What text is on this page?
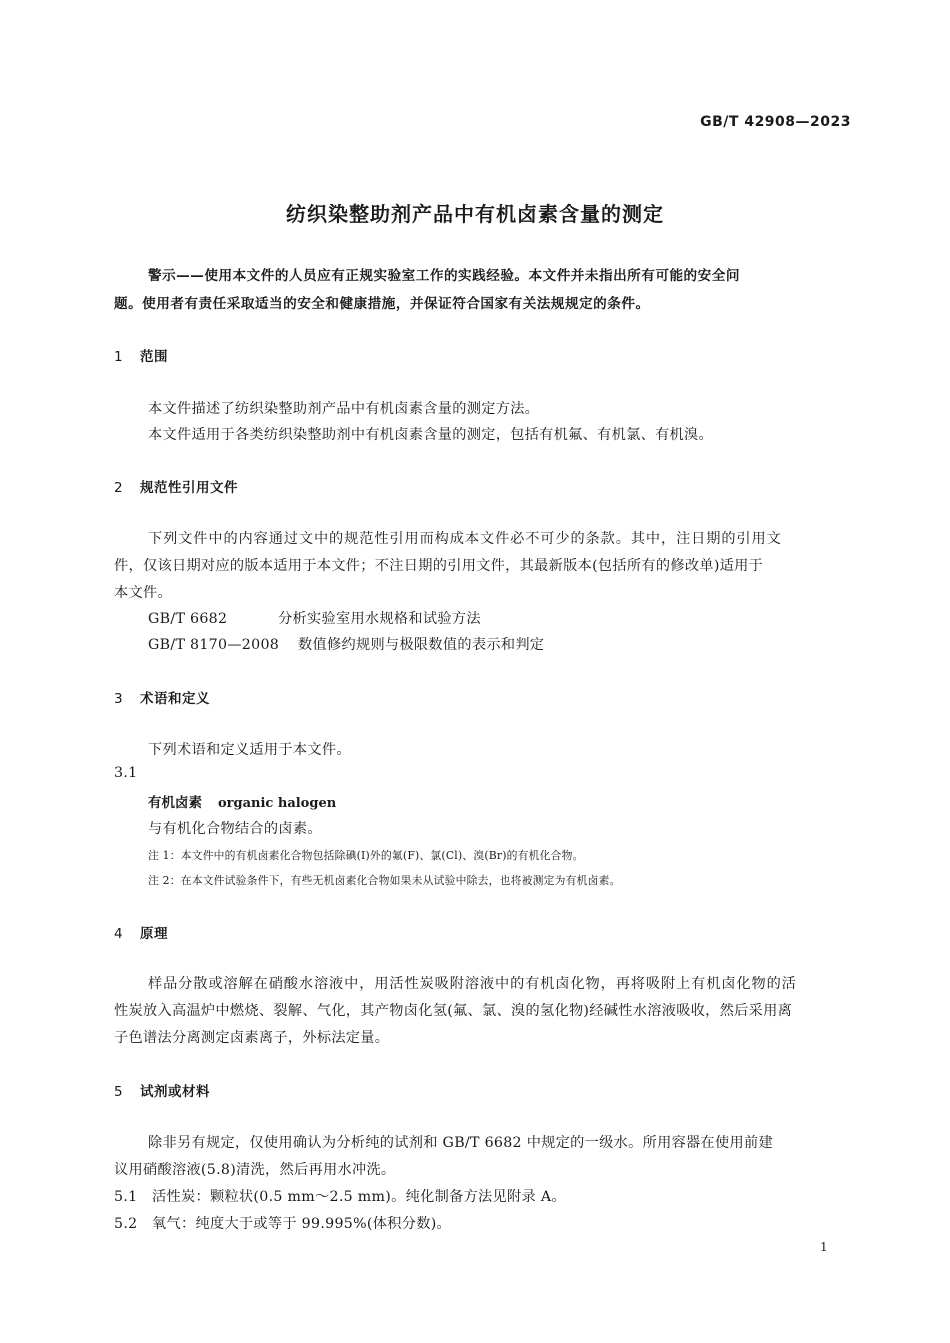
GB/T 42908—2023

纺织染整助剂产品中有机卤素含量的测定

警示——使用本文件的人员应有正规实验室工作的实践经验。本文件并未指出所有可能的安全问

题。使用者有责任采取适当的安全和健康措施，并保证符合国家有关法规规定的条件。

1 范围

本文件描述了纺织染整助剂产品中有机卤素含量的测定方法。

本文件适用于各类纺织染整助剂中有机卤素含量的测定，包括有机氟、有机氯、有机溴。

2 规范性引用文件

下列文件中的内容通过文中的规范性引用而构成本文件必不可少的条款。其中，注日期的引用文

件，仅该日期对应的版本适用于本文件；不注日期的引用文件，其最新版本(包括所有的修改单)适用于

本文件。

GB/T 6682	分析实验室用水规格和试验方法

GB/T 8170—2008 数值修约规则与极限数值的表示和判定

3 术语和定义

下列术语和定义适用于本文件。

3.1

有机卤素 organic halogen

与有机化合物结合的卤素。

注 1：本文件中的有机卤素化合物包括除碘(I)外的氟(F)、氯(Cl)、溴(Br)的有机化合物。

注 2：在本文件试验条件下，有些无机卤素化合物如果未从试验中除去，也将被测定为有机卤素。

4 原理

样品分散或溶解在硝酸水溶液中，用活性炭吸附溶液中的有机卤化物，再将吸附上有机卤化物的活

性炭放入高温炉中燃烧、裂解、气化，其产物卤化氢(氟、氯、溴的氢化物)经碱性水溶液吸收，然后采用离

子色谱法分离测定卤素离子，外标法定量。

5 试剂或材料

除非另有规定，仅使用确认为分析纯的试剂和 GB/T 6682 中规定的一级水。所用容器在使用前建

议用硝酸溶液(5.8)清洗，然后再用水冲洗。

5.1 活性炭：颗粒状(0.5 mm～2.5 mm)。纯化制备方法见附录 A。

5.2 氧气：纯度大于或等于 99.995%(体积分数)。

1
